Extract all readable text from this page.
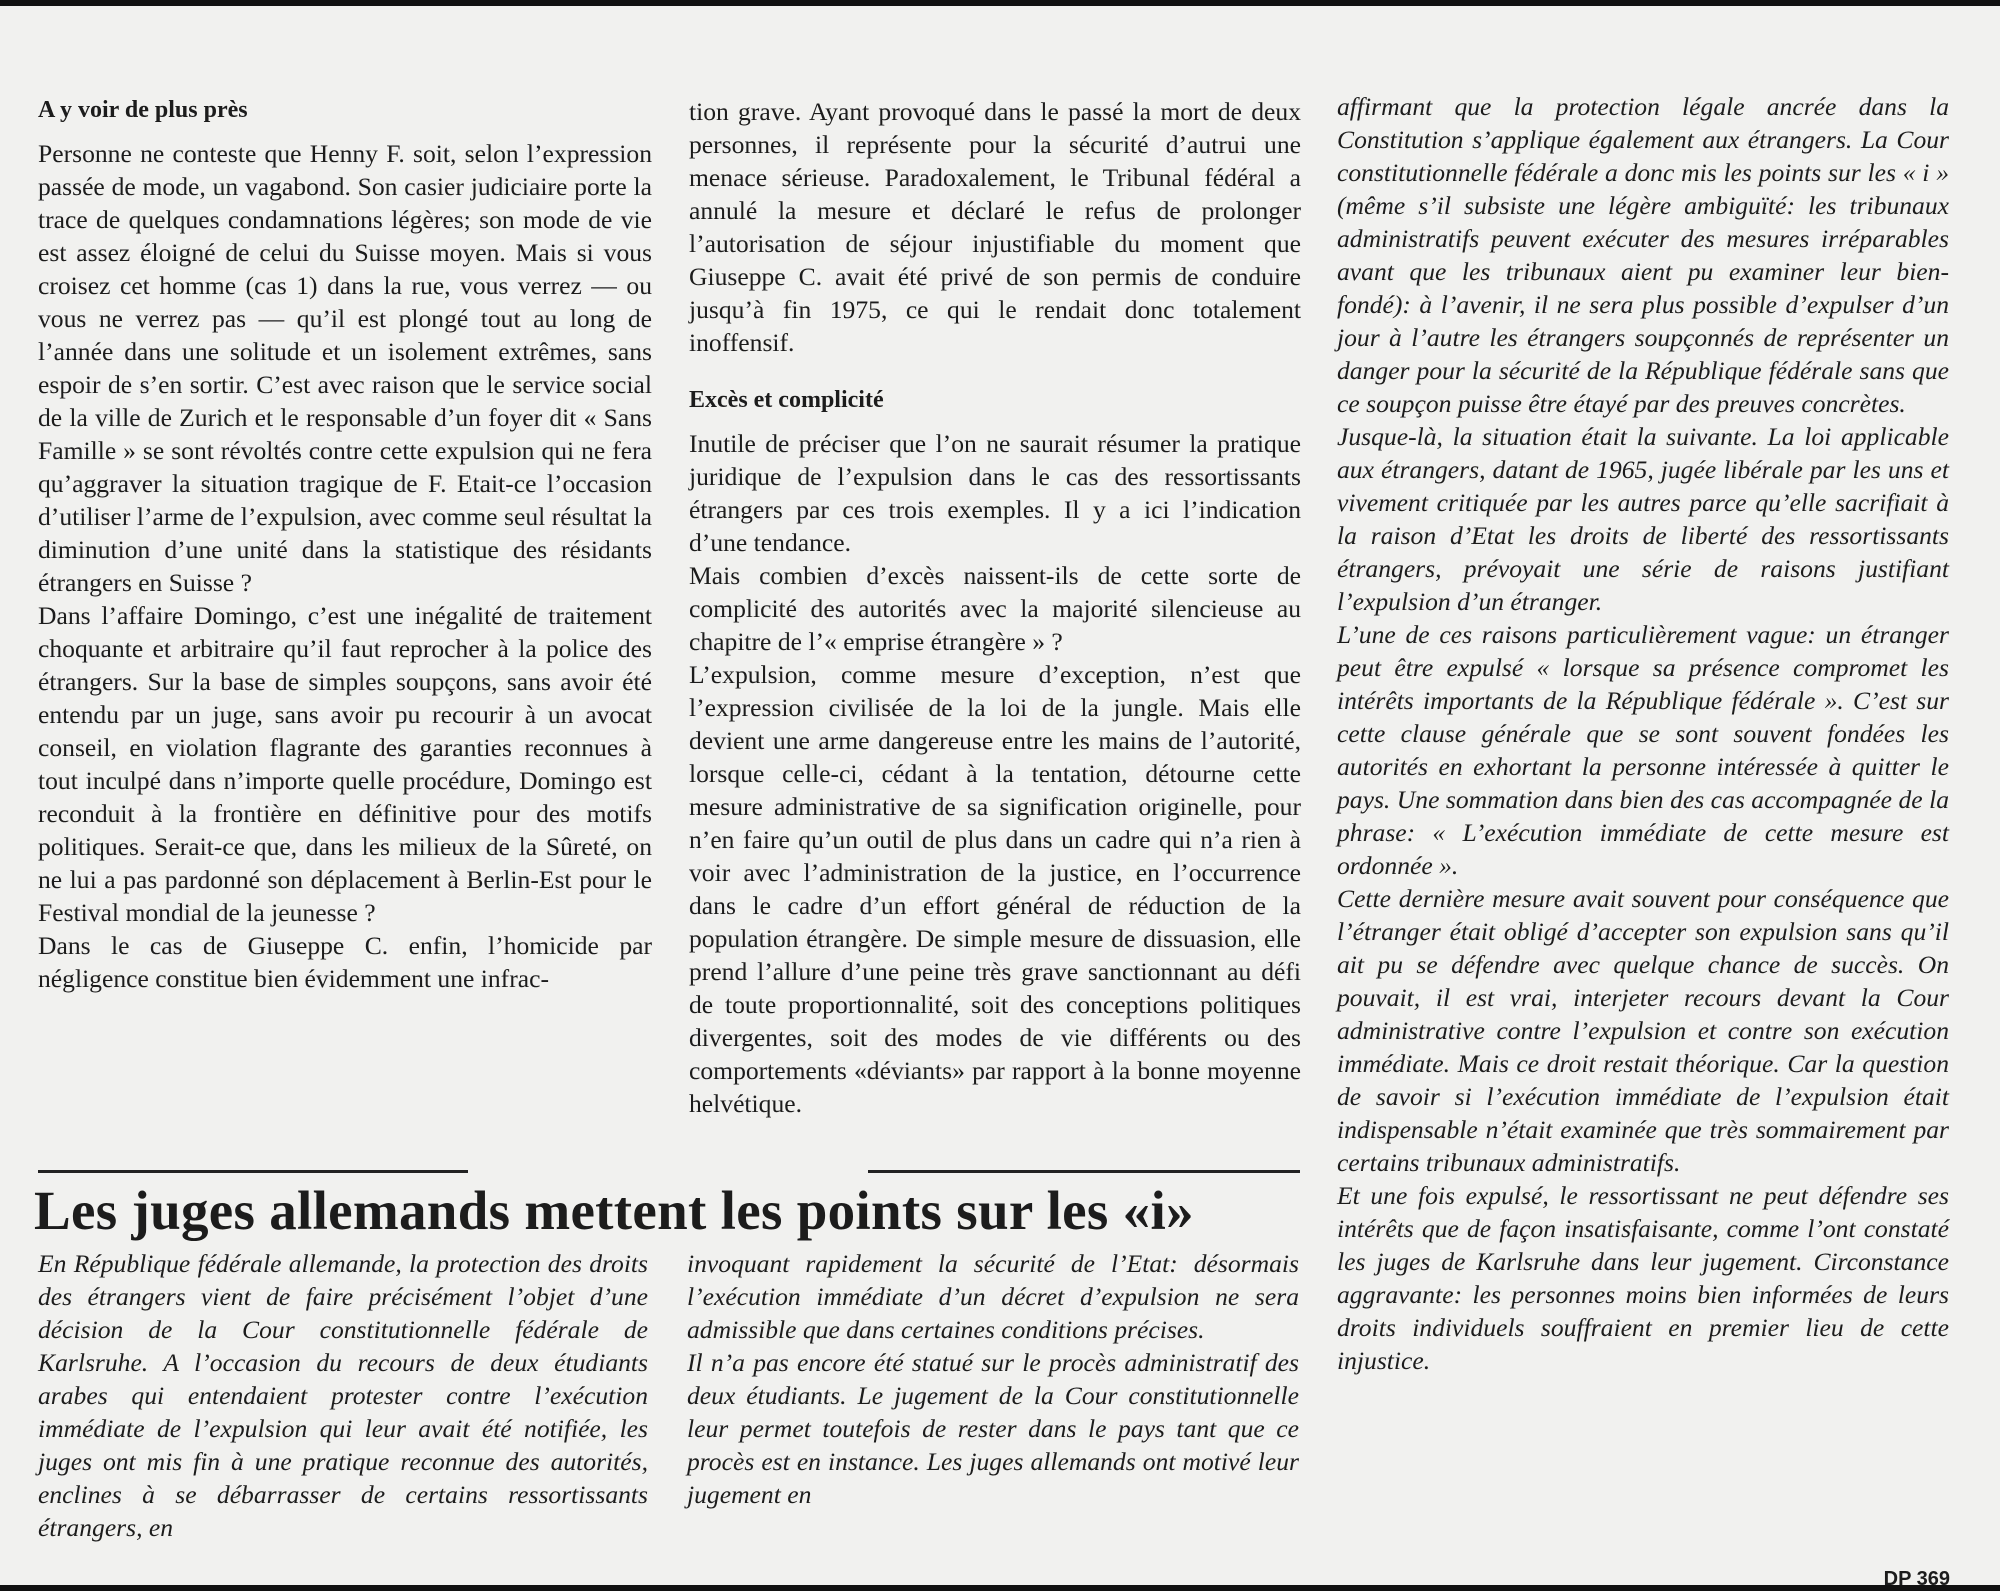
A y voir de plus près

Personne ne conteste que Henny F. soit, selon l’expression passée de mode, un vagabond. Son casier judiciaire porte la trace de quelques condamnations légères; son mode de vie est assez éloigné de celui du Suisse moyen. Mais si vous croisez cet homme (cas 1) dans la rue, vous verrez — ou vous ne verrez pas — qu’il est plongé tout au long de l’année dans une solitude et un isolement extrêmes, sans espoir de s’en sortir. C’est avec raison que le service social de la ville de Zurich et le responsable d’un foyer dit « Sans Famille » se sont révoltés contre cette expulsion qui ne fera qu’aggraver la situation tragique de F. Etait-ce l’occasion d’utiliser l’arme de l’expulsion, avec comme seul résultat la diminution d’une unité dans la statistique des résidants étrangers en Suisse ?

Dans l’affaire Domingo, c’est une inégalité de traitement choquante et arbitraire qu’il faut reprocher à la police des étrangers. Sur la base de simples soupçons, sans avoir été entendu par un juge, sans avoir pu recourir à un avocat conseil, en violation flagrante des garanties reconnues à tout inculpé dans n’importe quelle procédure, Domingo est reconduit à la frontière en définitive pour des motifs politiques. Serait-ce que, dans les milieux de la Sûreté, on ne lui a pas pardonné son déplacement à Berlin-Est pour le Festival mondial de la jeunesse ?

Dans le cas de Giuseppe C. enfin, l’homicide par négligence constitue bien évidemment une infrac-

tion grave. Ayant provoqué dans le passé la mort de deux personnes, il représente pour la sécurité d’autrui une menace sérieuse. Paradoxalement, le Tribunal fédéral a annulé la mesure et déclaré le refus de prolonger l’autorisation de séjour injustifiable du moment que Giuseppe C. avait été privé de son permis de conduire jusqu’à fin 1975, ce qui le rendait donc totalement inoffensif.

Excès et complicité

Inutile de préciser que l’on ne saurait résumer la pratique juridique de l’expulsion dans le cas des ressortissants étrangers par ces trois exemples. Il y a ici l’indication d’une tendance.

Mais combien d’excès naissent-ils de cette sorte de complicité des autorités avec la majorité silencieuse au chapitre de l’« emprise étrangère » ?

L’expulsion, comme mesure d’exception, n’est que l’expression civilisée de la loi de la jungle. Mais elle devient une arme dangereuse entre les mains de l’autorité, lorsque celle-ci, cédant à la tentation, détourne cette mesure administrative de sa signification originelle, pour n’en faire qu’un outil de plus dans un cadre qui n’a rien à voir avec l’administration de la justice, en l’occurrence dans le cadre d’un effort général de réduction de la population étrangère. De simple mesure de dissuasion, elle prend l’allure d’une peine très grave sanctionnant au défi de toute proportionnalité, soit des conceptions politiques divergentes, soit des modes de vie différents ou des comportements «déviants» par rapport à la bonne moyenne helvétique.

affirmant que la protection légale ancrée dans la Constitution s’applique également aux étrangers. La Cour constitutionnelle fédérale a donc mis les points sur les « i » (même s’il subsiste une légère ambiguïté: les tribunaux administratifs peuvent exécuter des mesures irréparables avant que les tribunaux aient pu examiner leur bien-fondé): à l’avenir, il ne sera plus possible d’expulser d’un jour à l’autre les étrangers soupçonnés de représenter un danger pour la sécurité de la République fédérale sans que ce soupçon puisse être étayé par des preuves concrètes.

Jusque-là, la situation était la suivante. La loi applicable aux étrangers, datant de 1965, jugée libérale par les uns et vivement critiquée par les autres parce qu’elle sacrifiait à la raison d’Etat les droits de liberté des ressortissants étrangers, prévoyait une série de raisons justifiant l’expulsion d’un étranger.

L’une de ces raisons particulièrement vague: un étranger peut être expulsé « lorsque sa présence compromet les intérêts importants de la République fédérale ». C’est sur cette clause générale que se sont souvent fondées les autorités en exhortant la personne intéressée à quitter le pays. Une sommation dans bien des cas accompagnée de la phrase: « L’exécution immédiate de cette mesure est ordonnée ».

Cette dernière mesure avait souvent pour conséquence que l’étranger était obligé d’accepter son expulsion sans qu’il ait pu se défendre avec quelque chance de succès. On pouvait, il est vrai, interjeter recours devant la Cour administrative contre l’expulsion et contre son exécution immédiate. Mais ce droit restait théorique. Car la question de savoir si l’exécution immédiate de l’expulsion était indispensable n’était examinée que très sommairement par certains tribunaux administratifs.

Et une fois expulsé, le ressortissant ne peut défendre ses intérêts que de façon insatisfaisante, comme l’ont constaté les juges de Karlsruhe dans leur jugement. Circonstance aggravante: les personnes moins bien informées de leurs droits individuels souffraient en premier lieu de cette injustice.

Les juges allemands mettent les points sur les «i»

En République fédérale allemande, la protection des droits des étrangers vient de faire précisément l’objet d’une décision de la Cour constitutionnelle fédérale de Karlsruhe. A l’occasion du recours de deux étudiants arabes qui entendaient protester contre l’exécution immédiate de l’expulsion qui leur avait été notifiée, les juges ont mis fin à une pratique reconnue des autorités, enclines à se débarrasser de certains ressortissants étrangers, en

invoquant rapidement la sécurité de l’Etat: désormais l’exécution immédiate d’un décret d’expulsion ne sera admissible que dans certaines conditions précises.

Il n’a pas encore été statué sur le procès administratif des deux étudiants. Le jugement de la Cour constitutionnelle leur permet toutefois de rester dans le pays tant que ce procès est en instance. Les juges allemands ont motivé leur jugement en

DP 369
